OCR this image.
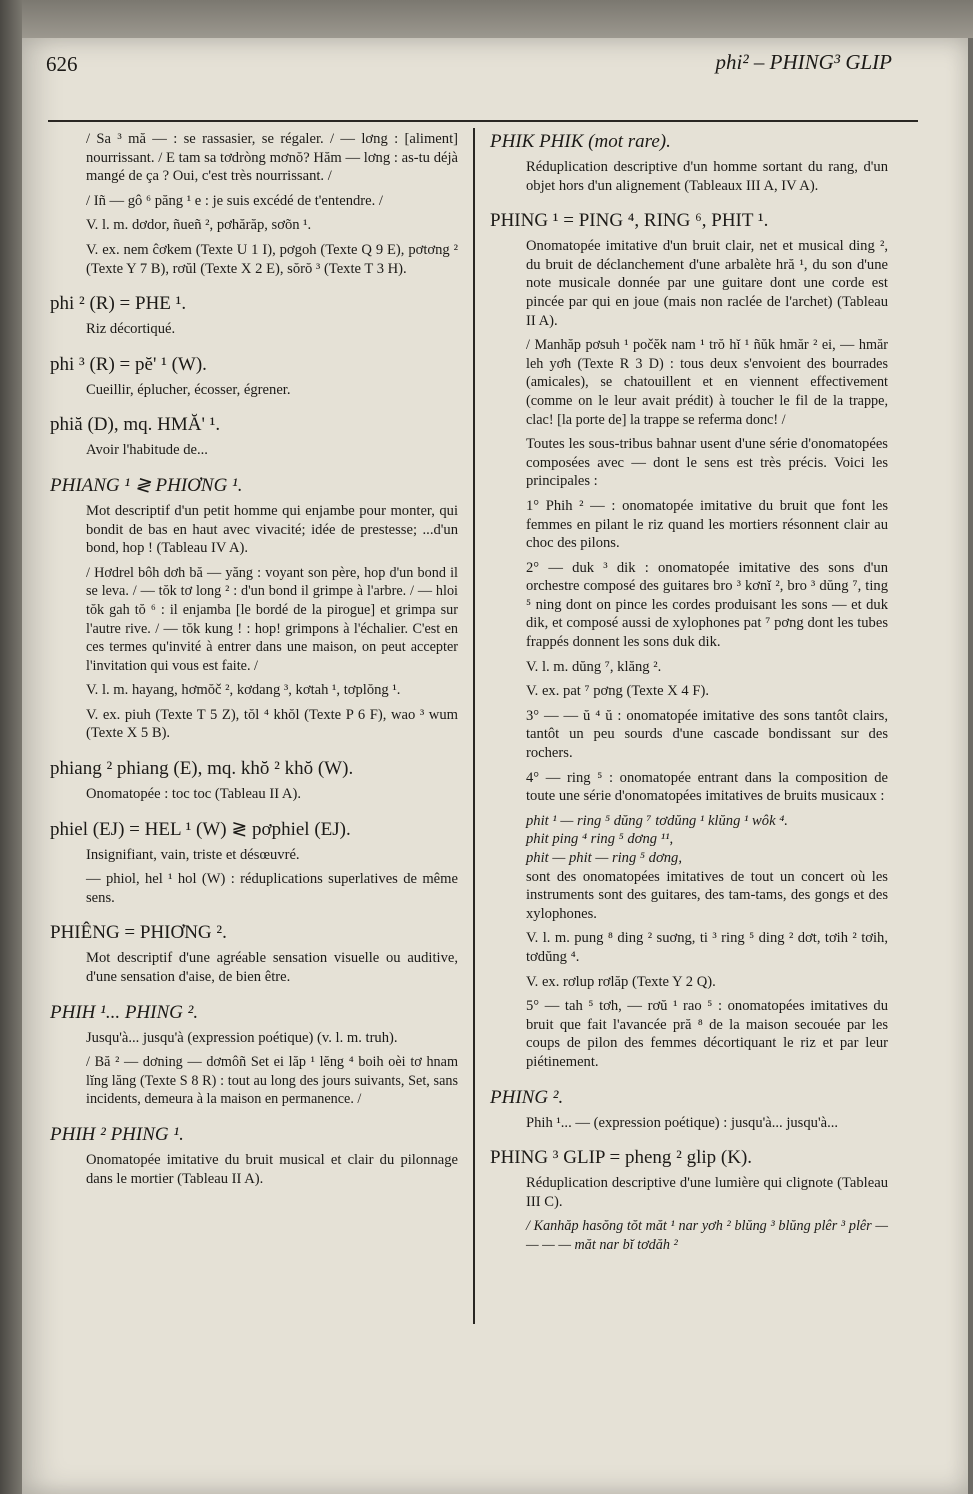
626	phi² – PHING³ GLIP

/ Sa ³ mă — : se rassasier, se régaler. / — lơng : [aliment] nourrissant. / E tam sa tơdròng mơnŏ? Hăm — lơng : as-tu déjà mangé de ça ? Oui, c'est très nourrissant. /

/ Iñ — gô ⁶ păng ¹ e : je suis excédé de t'entendre. /

V. l. m. dơdor, ñueñ ², pơhărăp, sơõn ¹.

V. ex. nem ĉơkem (Texte U 1 I), pơgoh (Texte Q 9 E), pơtơng ² (Texte Y 7 B), rơŭl (Texte X 2 E), sŏrŏ ³ (Texte T 3 H).

phi ² (R) = PHE ¹.

Riz décortiqué.

phi ³ (R) = pĕ' ¹ (W).

Cueillir, éplucher, écosser, égrener.

phiă (D), mq. HMĂ' ¹.

Avoir l'habitude de...

PHIANG ¹ ≷ PHIƠNG ¹.

Mot descriptif d'un petit homme qui enjambe pour monter, qui bondit de bas en haut avec vivacité; idée de prestesse; ...d'un bond, hop ! (Tableau IV A).

/ Hơdrel bôh dơh bă — yăng : voyant son père, hop d'un bond il se leva. / — tŏk tơ long ² : d'un bond il grimpe à l'arbre. / — hloi tŏk gah tŏ ⁶ : il enjamba [le bordé de la pirogue] et grimpa sur l'autre rive. / — tŏk kung ! : hop! grimpons à l'échalier. C'est en ces termes qu'invité à entrer dans une maison, on peut accepter l'invitation qui vous est faite. /

V. l. m. hayang, hơmŏč ², kơdang ³, kơtah ¹, tơplŏng ¹.

V. ex. piuh (Texte T 5 Z), tŏl ⁴ khŏl (Texte P 6 F), wao ³ wum (Texte X 5 B).

phiang ² phiang (E), mq. khŏ ² khŏ (W).

Onomatopée : toc toc (Tableau II A).

phiel (EJ) = HEL ¹ (W) ≷ pơphiel (EJ).

Insignifiant, vain, triste et désœuvré.

— phiol, hel ¹ hol (W) : réduplications superlatives de même sens.

PHIÊNG = PHIƠNG ².

Mot descriptif d'une agréable sensation visuelle ou auditive, d'une sensation d'aise, de bien être.

PHIH ¹... PHING ².

Jusqu'à... jusqu'à (expression poétique) (v. l. m. truh).

/ Bă ² — dơning — dơmôñ Set ei lăp ¹ lĕng ⁴ boih oèi tơ hnam lĭng lăng (Texte S 8 R) : tout au long des jours suivants, Set, sans incidents, demeura à la maison en permanence. /

PHIH ² PHING ¹.

Onomatopée imitative du bruit musical et clair du pilonnage dans le mortier (Tableau II A).

PHIK PHIK (mot rare).

Réduplication descriptive d'un homme sortant du rang, d'un objet hors d'un alignement (Tableaux III A, IV A).

PHING ¹ = PING ⁴, RING ⁶, PHIT ¹.

Onomatopée imitative d'un bruit clair, net et musical ding ², du bruit de déclanchement d'une arbalète hră ¹, du son d'une note musicale donnée par une guitare dont une corde est pincée par qui en joue (mais non raclée de l'archet) (Tableau II A).

/ Manhăp pơsuh ¹ počĕk nam ¹ trŏ hĭ ¹ ñŭk hmăr ² ei, — hmăr leh yơh (Texte R 3 D) : tous deux s'envoient des bourrades (amicales), se chatouillent et en viennent effectivement (comme on le leur avait prédit) à toucher le fil de la trappe, clac! [la porte de] la trappe se referma donc! /

Toutes les sous-tribus bahnar usent d'une série d'onomatopées composées avec — dont le sens est très précis. Voici les principales :

1° Phih ² — : onomatopée imitative du bruit que font les femmes en pilant le riz quand les mortiers résonnent clair au choc des pilons.

2° — duk ³ dik : onomatopée imitative des sons d'un orchestre composé des guitares bro ³ kơnĭ ², bro ³ dŭng ⁷, ting ⁵ ning dont on pince les cordes produisant les sons — et duk dik, et composé aussi de xylophones pat ⁷ pơng dont les tubes frappés donnent les sons duk dik.

V. l. m. dŭng ⁷, klăng ².

V. ex. pat ⁷ pơng (Texte X 4 F).

3° — — ŭ ⁴ ŭ : onomatopée imitative des sons tantôt clairs, tantôt un peu sourds d'une cascade bondissant sur des rochers.

4° — ring ⁵ : onomatopée entrant dans la composition de toute une série d'onomatopées imitatives de bruits musicaux :

phit ¹ — ring ⁵ dŭng ⁷ tơdŭng ¹ klŭng ¹ wôk ⁴.

phit ping ⁴ ring ⁵ dơng ¹¹,

phit — phit — ring ⁵ dơng,

sont des onomatopées imitatives de tout un concert où les instruments sont des guitares, des tam-tams, des gongs et des xylophones.

V. l. m. pung ⁸ ding ² suơng, ti ³ ring ⁵ ding ² dơt, tơih ² tơih, tơdŭng ⁴.

V. ex. rơlup rơlăp (Texte Y 2 Q).

5° — tah ⁵ tơh, — rơŭ ¹ rao ⁵ : onomatopées imitatives du bruit que fait l'avancée pră ⁸ de la maison secouée par les coups de pilon des femmes décortiquant le riz et par leur piétinement.

PHING ².

Phih ¹... — (expression poétique) : jusqu'à... jusqu'à...

PHING ³ GLIP = pheng ² glip (K).

Réduplication descriptive d'une lumière qui clignote (Tableau III C).

/ Kanhăp hasŏng tŏt măt ¹ nar yơh ² blŭng ³ blŭng plêr ³ plêr — — — — măt nar bĭ tơdăh ²
